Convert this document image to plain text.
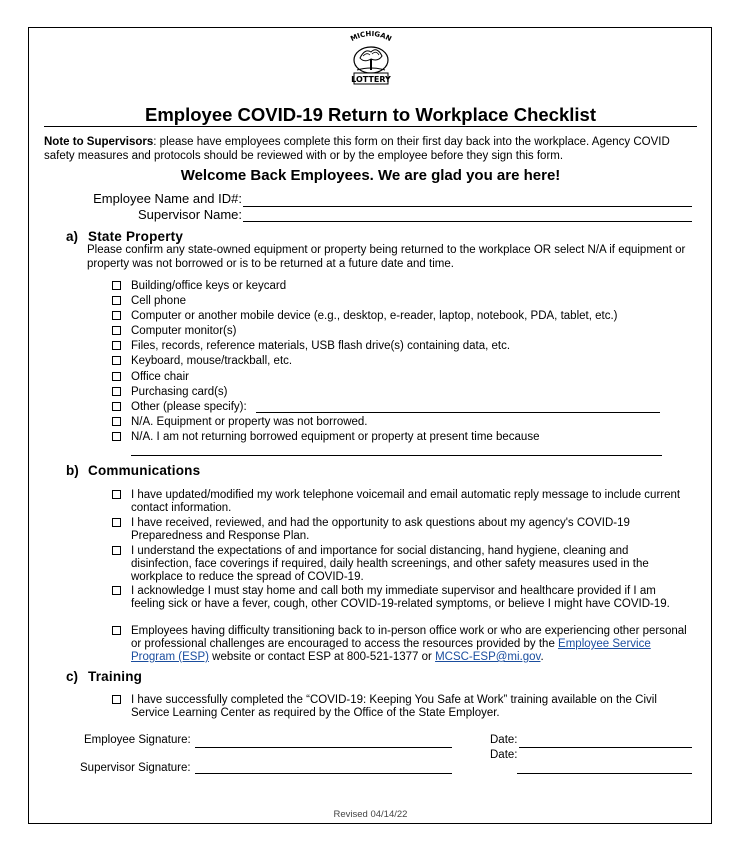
MICHIGAN
LOTTERY
Employee COVID-19 Return to Workplace Checklist
Note to Supervisors: please have employees complete this form on their first day back into the workplace. Agency COVID safety measures and protocols should be reviewed with or by the employee before they sign this form.
Welcome Back Employees. We are glad you are here!
Employee Name and ID#:
Supervisor Name:
a) State Property
Please confirm any state-owned equipment or property being returned to the workplace OR select N/A if equipment or property was not borrowed or is to be returned at a future date and time.
Building/office keys or keycard
Cell phone
Computer or another mobile device (e.g., desktop, e-reader, laptop, notebook, PDA, tablet, etc.)
Computer monitor(s)
Files, records, reference materials, USB flash drive(s) containing data, etc.
Keyboard, mouse/trackball, etc.
Office chair
Purchasing card(s)
Other (please specify):
N/A. Equipment or property was not borrowed.
N/A. I am not returning borrowed equipment or property at present time because
b) Communications
I have updated/modified my work telephone voicemail and email automatic reply message to include current contact information.
I have received, reviewed, and had the opportunity to ask questions about my agency's COVID-19 Preparedness and Response Plan.
I understand the expectations of and importance for social distancing, hand hygiene, cleaning and disinfection, face coverings if required, daily health screenings, and other safety measures used in the workplace to reduce the spread of COVID-19.
I acknowledge I must stay home and call both my immediate supervisor and healthcare provided if I am feeling sick or have a fever, cough, other COVID-19-related symptoms, or believe I might have COVID-19.
Employees having difficulty transitioning back to in-person office work or who are experiencing other personal or professional challenges are encouraged to access the resources provided by the Employee Service Program (ESP) website or contact ESP at 800-521-1377 or MCSC-ESP@mi.gov.
c) Training
I have successfully completed the “COVID-19: Keeping You Safe at Work” training available on the Civil Service Learning Center as required by the Office of the State Employer.
Employee Signature:	Date:
Date:
Supervisor Signature:
Revised 04/14/22
